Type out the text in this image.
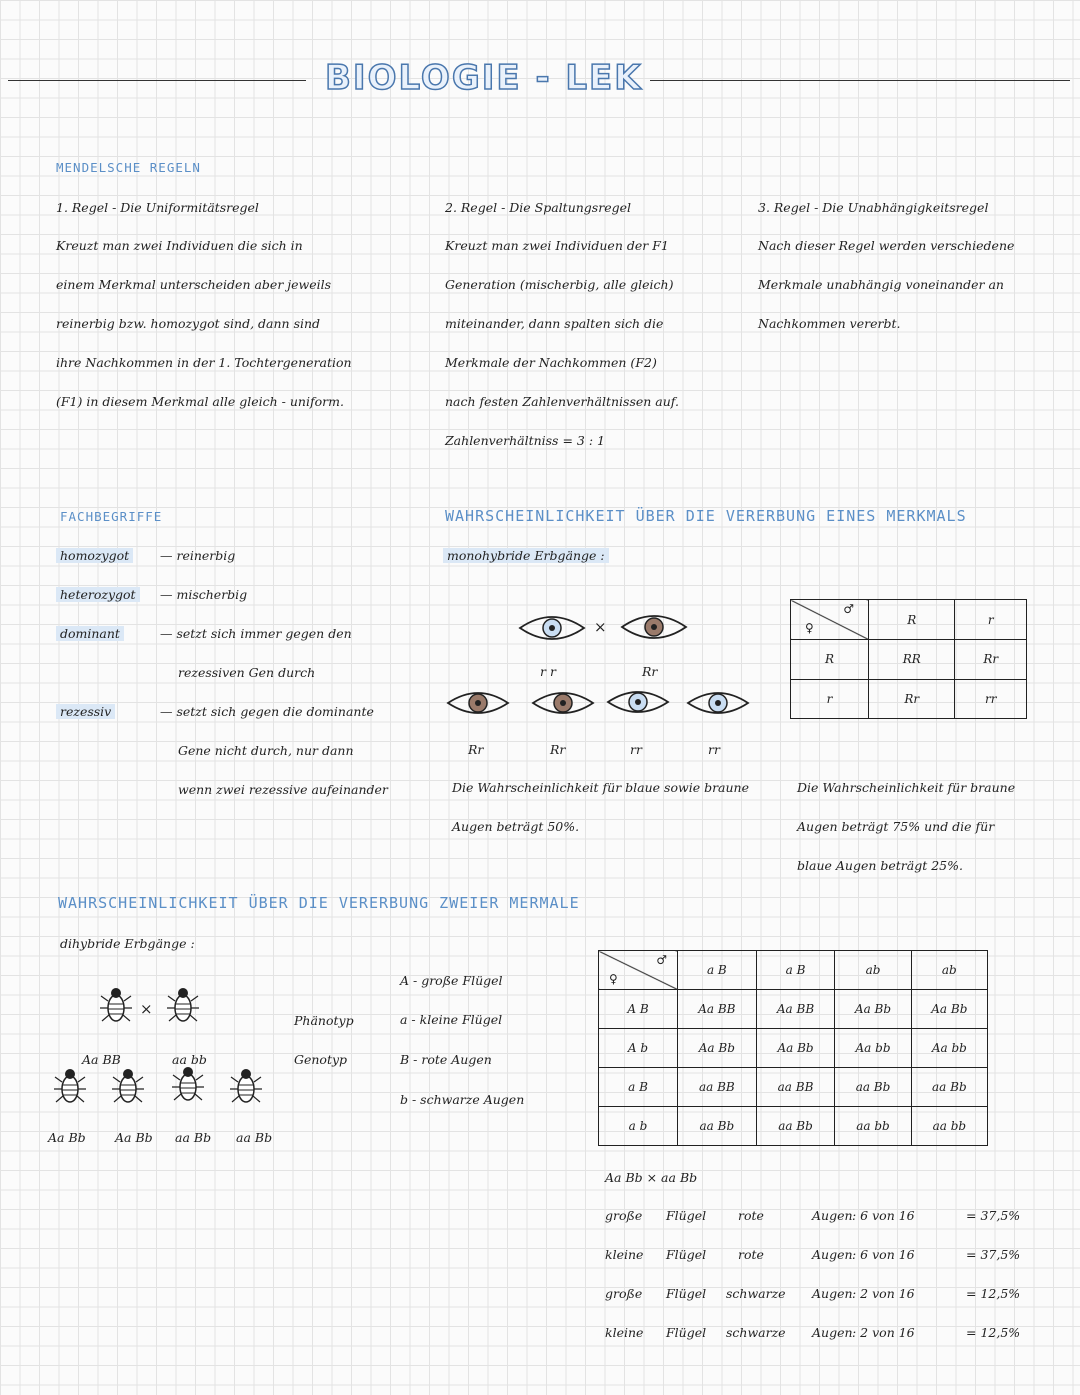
BIOLOGIE - LEK
MENDELSCHE REGELN
1. Regel - Die Uniformitätsregel
Kreuzt man zwei Individuen die sich in
einem Merkmal unterscheiden aber jeweils
reinerbig bzw. homozygot sind, dann sind
ihre Nachkommen in der 1. Tochtergeneration
(F1) in diesem Merkmal alle gleich - uniform.
2. Regel - Die Spaltungsregel
Kreuzt man zwei Individuen der F1
Generation (mischerbig, alle gleich)
miteinander, dann spalten sich die
Merkmale der Nachkommen (F2)
nach festen Zahlenverhältnissen auf.
Zahlenverhältniss = 3 : 1
3. Regel - Die Unabhängigkeitsregel
Nach dieser Regel werden verschiedene
Merkmale unabhängig voneinander an
Nachkommen vererbt.
FACHBEGRIFFE
homozygot	— reinerbig
heterozygot	— mischerbig
dominant	— setzt sich immer gegen den
rezessiven Gen durch
rezessiv	— setzt sich gegen die dominante
Gene nicht durch, nur dann
wenn zwei rezessive aufeinander
WAHRSCHEINLICHKEIT ÜBER DIE VERERBUNG EINES MERKMALS
monohybride Erbgänge :
×
r r	Rr
Rr	Rr	rr	rr
Die Wahrscheinlichkeit für blaue sowie braune
Augen beträgt 50%.
Die Wahrscheinlichkeit für braune
Augen beträgt 75% und die für
blaue Augen beträgt 25%.
♀
♂	R	r
R	RR	Rr
r	Rr	rr
WAHRSCHEINLICHKEIT ÜBER DIE VERERBUNG ZWEIER MERMALE
dihybride Erbgänge :
×
Aa BB	aa bb
Aa Bb Aa Bb aa Bb aa Bb
Phänotyp
Genotyp
A - große Flügel
a - kleine Flügel
B - rote Augen
b - schwarze Augen
♀
♂	a B	a B	ab	ab
A B	Aa BB	Aa BB	Aa Bb	Aa Bb
A b	Aa Bb	Aa Bb	Aa bb	Aa bb
a B	aa BB	aa BB	aa Bb	aa Bb
a b	aa Bb	aa Bb	aa bb	aa bb
Aa Bb × aa Bb
große Flügel	rote	Augen : 6 von 16	= 37,5%
kleine Flügel	rote	Augen : 6 von 16	= 37,5%
große Flügel schwarze Augen : 2 von 16	= 12,5%
kleine Flügel schwarze Augen : 2 von 16	= 12,5%
